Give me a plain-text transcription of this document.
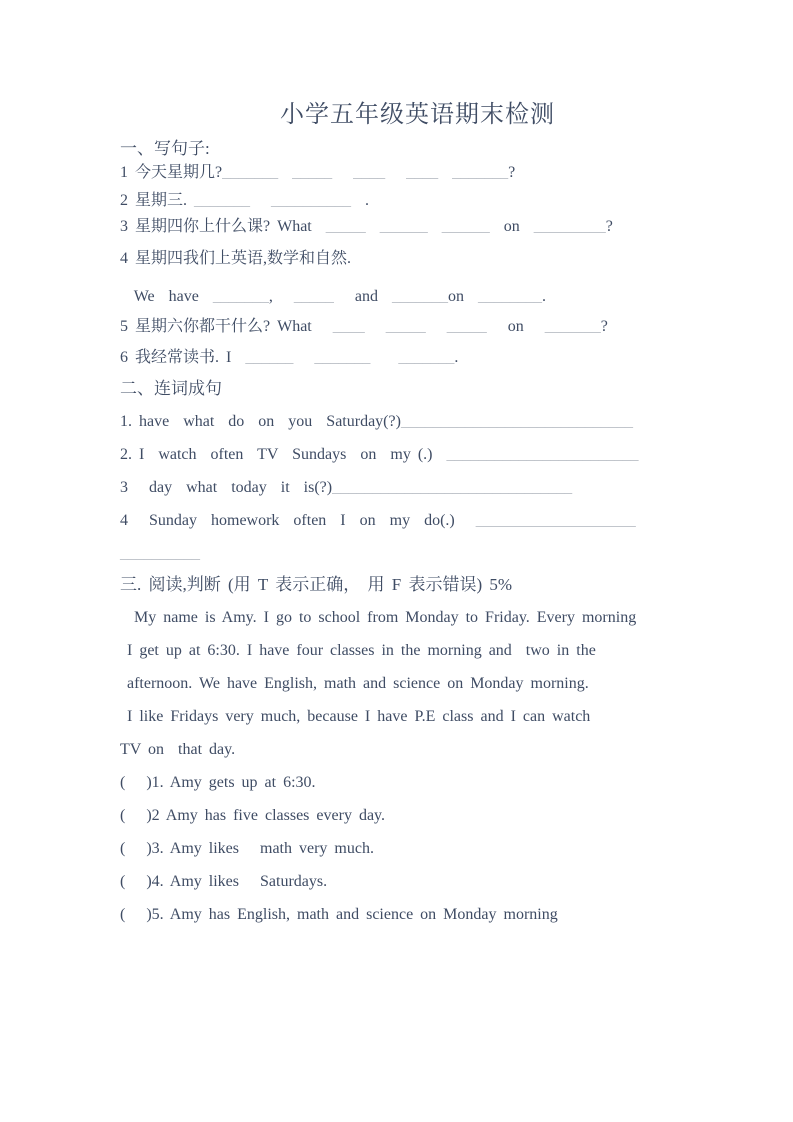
小学五年级英语期末检测
一、写句子:
1 今天星期几?_______ _____ ____ ____ _______?
2 星期三. _______ __________  .
3 星期四你上什么课? What  _____ ______ ______  on  _________?
4 星期四我们上英语,数学和自然.
We  have  _______,   _____   and  _______on  ________.
5 星期六你都干什么? What   ____ _____ _____   on   _______?
6 我经常读书. I  ______ _______ _______.
二、连词成句
1. have  what  do  on  you  Saturday(?)_____________________________
2. I  watch  often  TV  Sundays  on  my (.)  ________________________
3   day  what  today  it  is(?)______________________________
4   Sunday  homework  often  I  on  my  do(.)   ____________________
__________
三. 阅读,判断 (用 T 表示正确， 用 F 表示错误) 5%
My name is Amy. I go to school from Monday to Friday. Every morning
I get up at 6:30. I have four classes in the morning and  two in the
afternoon. We have English, math and science on Monday morning.
I like Fridays very much, because I have P.E class and I can watch
TV on  that day.
(   )1. Amy gets up at 6:30.
(   )2 Amy has five classes every day.
(   )3. Amy likes   math very much.
(   )4. Amy likes   Saturdays.
(   )5. Amy has English, math and science on Monday morning
